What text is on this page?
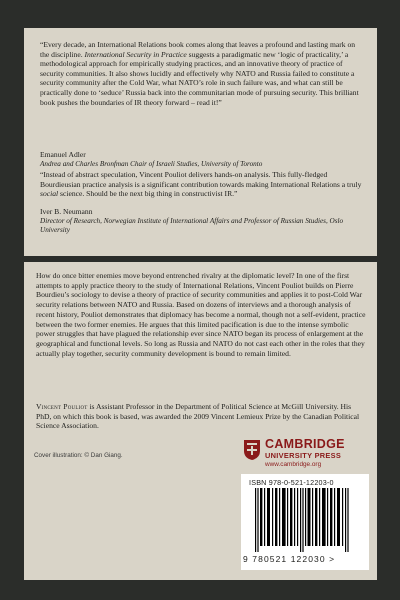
“Every decade, an International Relations book comes along that leaves a profound and lasting mark on the discipline. International Security in Practice suggests a paradigmatic new ‘logic of practicality,’ a methodological approach for empirically studying practices, and an innovative theory of practice of security communities. It also shows lucidly and effectively why NATO and Russia failed to constitute a security community after the Cold War, what NATO’s role in such failure was, and what can still be practically done to ‘seduce’ Russia back into the communitarian mode of pursuing security. This brilliant book pushes the boundaries of IR theory forward – read it!”
Emanuel Adler
Andrea and Charles Bronfman Chair of Israeli Studies, University of Toronto
“Instead of abstract speculation, Vincent Pouliot delivers hands-on analysis. This fully-fledged Bourdieusian practice analysis is a significant contribution towards making International Relations a truly social science. Should be the next big thing in constructivist IR.”
Iver B. Neumann
Director of Research, Norwegian Institute of International Affairs and Professor of Russian Studies, Oslo University
How do once bitter enemies move beyond entrenched rivalry at the diplomatic level? In one of the first attempts to apply practice theory to the study of International Relations, Vincent Pouliot builds on Pierre Bourdieu’s sociology to devise a theory of practice of security communities and applies it to post-Cold War security relations between NATO and Russia. Based on dozens of interviews and a thorough analysis of recent history, Pouliot demonstrates that diplomacy has become a normal, though not a self-evident, practice between the two former enemies. He argues that this limited pacification is due to the intense symbolic power struggles that have plagued the relationship ever since NATO began its process of enlargement at the geographical and functional levels. So long as Russia and NATO do not cast each other in the roles that they actually play together, security community development is bound to remain limited.
Vincent Pouliot is Assistant Professor in the Department of Political Science at McGill University. His PhD, on which this book is based, was awarded the 2009 Vincent Lemieux Prize by the Canadian Political Science Association.
Cover illustration: © Dan Giang.
CAMBRIDGE
UNIVERSITY PRESS
www.cambridge.org
ISBN 978-0-521-12203-0
9 780521 122030 >
